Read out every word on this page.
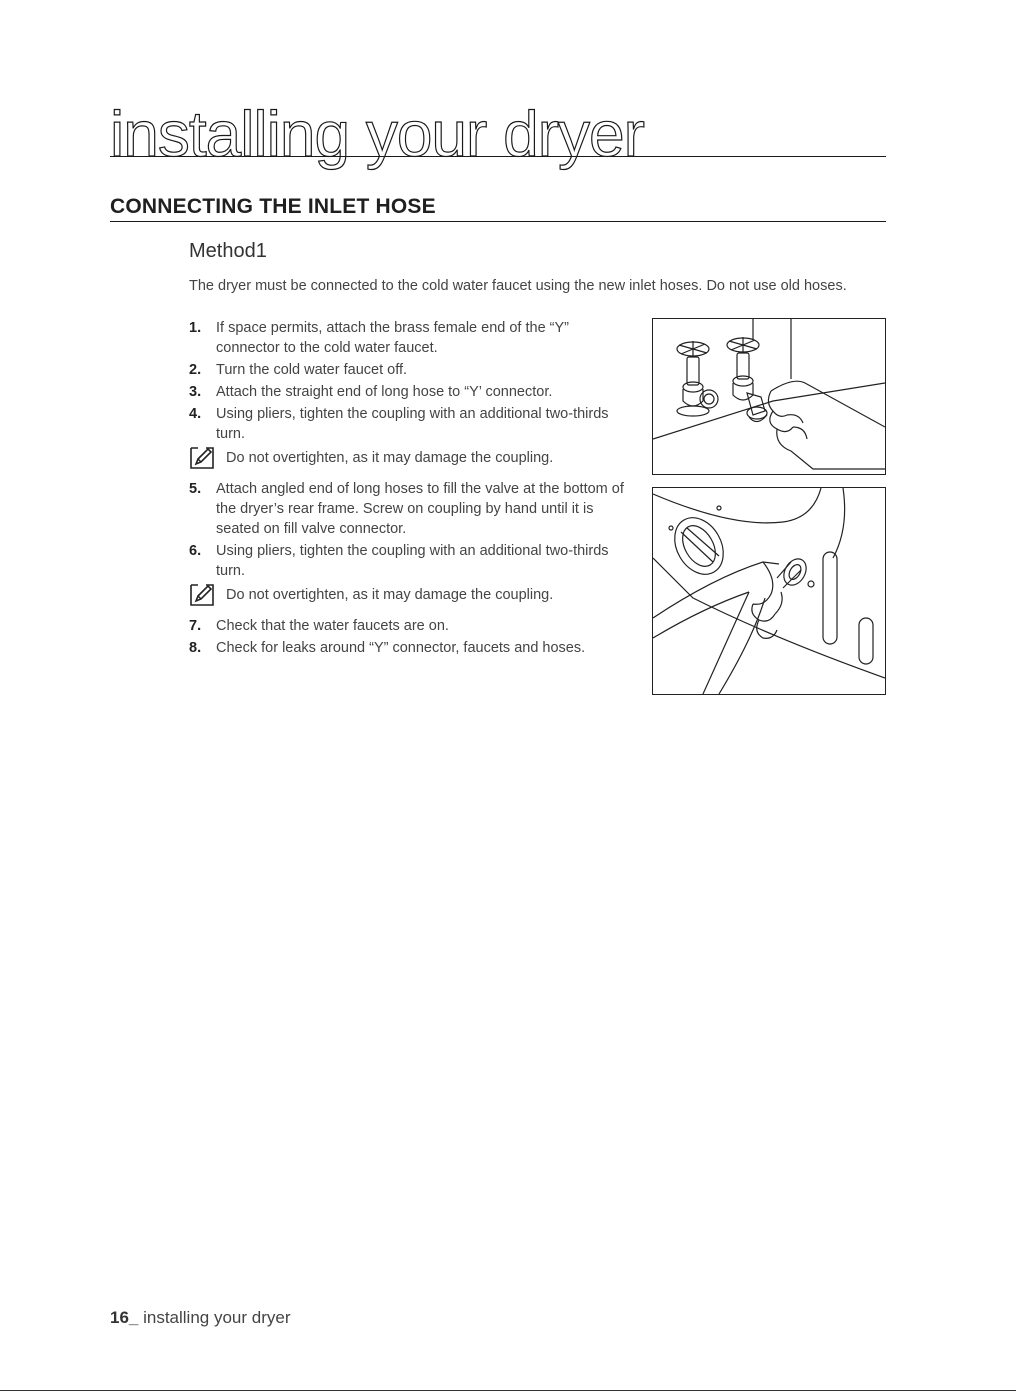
installing your dryer
CONNECTING THE INLET HOSE
Method1
The dryer must be connected to the cold water faucet using the new inlet hoses. Do not use old hoses.
1. If space permits, attach the brass female end of the “Y” connector to the cold water faucet.
2. Turn the cold water faucet off.
3. Attach the straight end of long hose to “Y’ connector.
4. Using pliers, tighten the coupling with an additional two-thirds turn.
Do not overtighten, as it may damage the coupling.
5. Attach angled end of long hoses to fill the valve at the bottom of the dryer’s rear frame. Screw on coupling by hand until it is seated on fill valve connector.
6. Using pliers, tighten the coupling with an additional two-thirds turn.
Do not overtighten, as it may damage the coupling.
7. Check that the water faucets are on.
8. Check for leaks around “Y” connector, faucets and hoses.
16_ installing your dryer
